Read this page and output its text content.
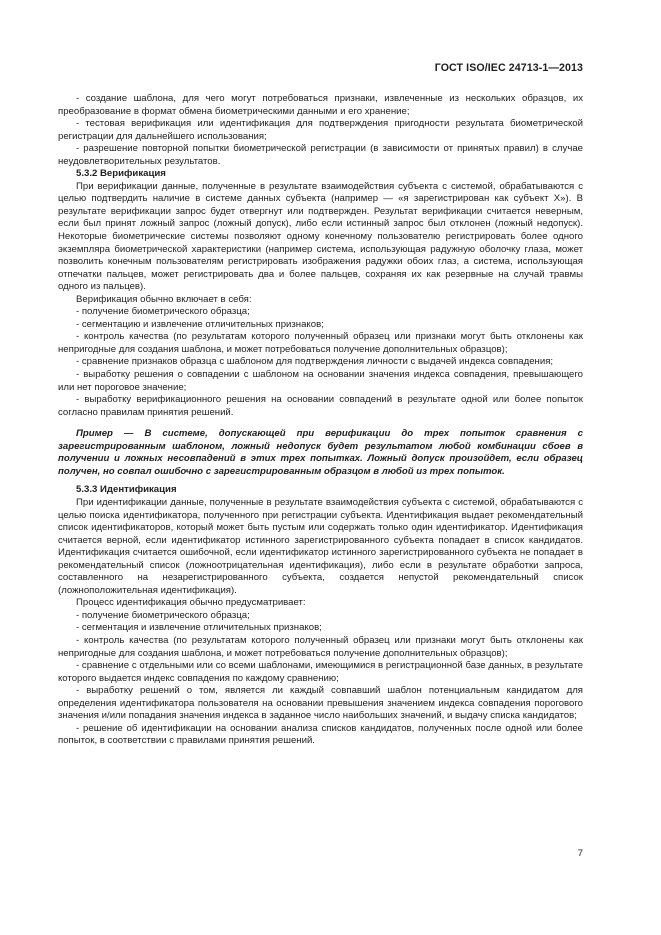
ГОСТ ISO/IEC 24713-1—2013

- создание шаблона, для чего могут потребоваться признаки, извлеченные из нескольких образцов, их преобразование в формат обмена биометрическими данными и его хранение;

- тестовая верификация или идентификация для подтверждения пригодности результата биометрической регистрации для дальнейшего использования;

- разрешение повторной попытки биометрической регистрации (в зависимости от принятых правил) в случае неудовлетворительных результатов.

5.3.2 Верификация

При верификации данные, полученные в результате взаимодействия субъекта с системой, обрабатываются с целью подтвердить наличие в системе данных субъекта (например — «я зарегистрирован как субъект Х»). В результате верификации запрос будет отвергнут или подтвержден. Результат верификации считается неверным, если был принят ложный запрос (ложный допуск), либо если истинный запрос был отклонен (ложный недопуск). Некоторые биометрические системы позволяют одному конечному пользователю регистрировать более одного экземпляра биометрической характеристики (например система, использующая радужную оболочку глаза, может позволить конечным пользователям регистрировать изображения радужки обоих глаз, а система, использующая отпечатки пальцев, может регистрировать два и более пальцев, сохраняя их как резервные на случай травмы одного из пальцев).

Верификация обычно включает в себя:

- получение биометрического образца;

- сегментацию и извлечение отличительных признаков;

- контроль качества (по результатам которого полученный образец или признаки могут быть отклонены как непригодные для создания шаблона, и может потребоваться получение дополнительных образцов);

- сравнение признаков образца с шаблоном для подтверждения личности с выдачей индекса совпадения;

- выработку решения о совпадении с шаблоном на основании значения индекса совпадения, превышающего или нет пороговое значение;

- выработку верификационного решения на основании совпадений в результате одной или более попыток согласно правилам принятия решений.

Пример — В системе, допускающей при верификации до трех попыток сравнения с зарегистрированным шаблоном, ложный недопуск будет результатом любой комбинации сбоев в получении и ложных несовпадений в этих трех попытках. Ложный допуск произойдет, если образец получен, но совпал ошибочно с зарегистрированным образцом в любой из трех попыток.

5.3.3 Идентификация

При идентификации данные, полученные в результате взаимодействия субъекта с системой, обрабатываются с целью поиска идентификатора, полученного при регистрации субъекта. Идентификация выдает рекомендательный список идентификаторов, который может быть пустым или содержать только один идентификатор. Идентификация считается верной, если идентификатор истинного зарегистрированного субъекта попадает в список кандидатов. Идентификация считается ошибочной, если идентификатор истинного зарегистрированного субъекта не попадает в рекомендательный список (ложноотрицательная идентификация), либо если в результате обработки запроса, составленного на незарегистрированного субъекта, создается непустой рекомендательный список (ложноположительная идентификация).

Процесс идентификация обычно предусматривает:

- получение биометрического образца;

- сегментация и извлечение отличительных признаков;

- контроль качества (по результатам которого полученный образец или признаки могут быть отклонены как непригодные для создания шаблона, и может потребоваться получение дополнительных образцов);

- сравнение с отдельными или со всеми шаблонами, имеющимися в регистрационной базе данных, в результате которого выдается индекс совпадения по каждому сравнению;

- выработку решений о том, является ли каждый совпавший шаблон потенциальным кандидатом для определения идентификатора пользователя на основании превышения значением индекса совпадения порогового значения и/или попадания значения индекса в заданное число наибольших значений, и выдачу списка кандидатов;

- решение об идентификации на основании анализа списков кандидатов, полученных после одной или более попыток, в соответствии с правилами принятия решений.

7
